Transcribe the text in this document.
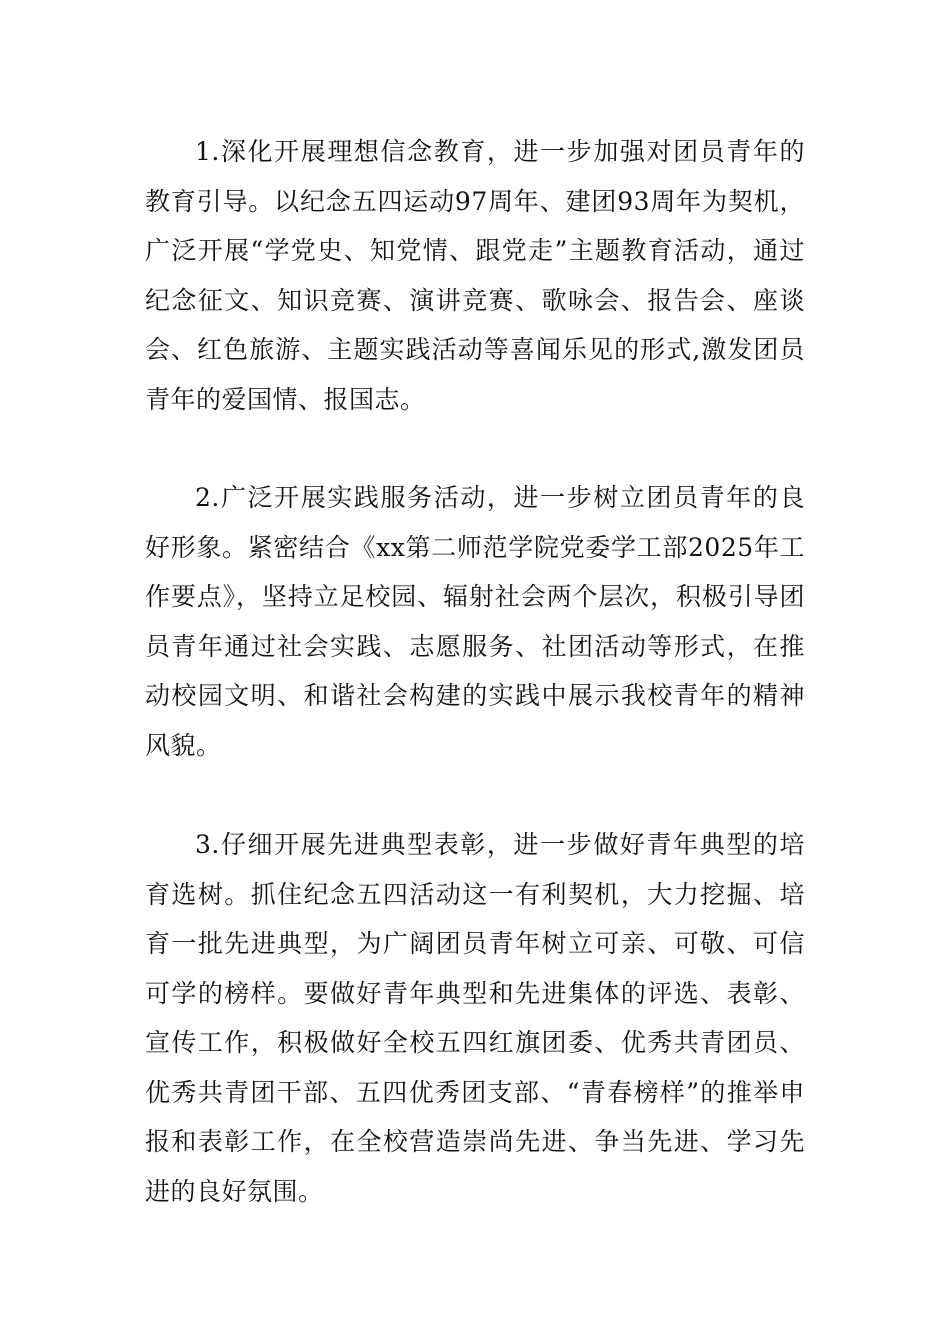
1.深化开展理想信念教育，进一步加强对团员青年的教育引导。以纪念五四运动97周年、建团93周年为契机，广泛开展“学党史、知党情、跟党走”主题教育活动，通过纪念征文、知识竞赛、演讲竞赛、歌咏会、报告会、座谈会、红色旅游、主题实践活动等喜闻乐见的形式,激发团员青年的爱国情、报国志。

2.广泛开展实践服务活动，进一步树立团员青年的良好形象。紧密结合《xx第二师范学院党委学工部2025年工作要点》，坚持立足校园、辐射社会两个层次，积极引导团员青年通过社会实践、志愿服务、社团活动等形式，在推动校园文明、和谐社会构建的实践中展示我校青年的精神风貌。

3.仔细开展先进典型表彰，进一步做好青年典型的培育选树。抓住纪念五四活动这一有利契机，大力挖掘、培育一批先进典型，为广阔团员青年树立可亲、可敬、可信可学的榜样。要做好青年典型和先进集体的评选、表彰、宣传工作，积极做好全校五四红旗团委、优秀共青团员、优秀共青团干部、五四优秀团支部、“青春榜样”的推举申报和表彰工作，在全校营造崇尚先进、争当先进、学习先进的良好氛围。
